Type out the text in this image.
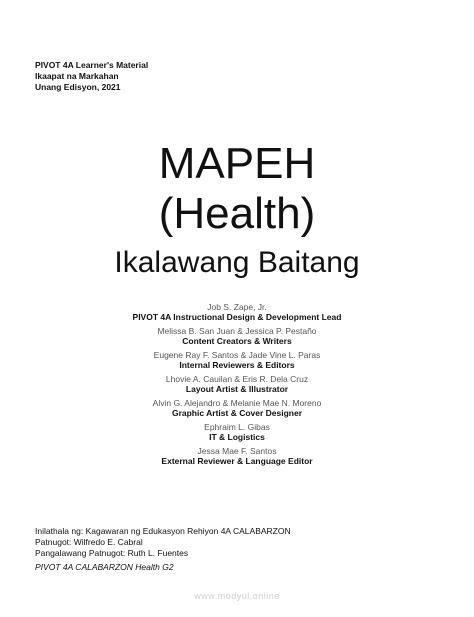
PIVOT 4A Learner's Material
Ikaapat na Markahan
Unang Edisyon, 2021
MAPEH
(Health)
Ikalawang Baitang
Job S. Zape, Jr.
PIVOT 4A Instructional Design & Development Lead
Melissa B. San Juan & Jessica P. Pestaño
Content Creators & Writers
Eugene Ray F. Santos & Jade Vine L. Paras
Internal Reviewers & Editors
Lhovie A. Cauilan & Eris R. Dela Cruz
Layout Artist & Illustrator
Alvin G. Alejandro & Melanie Mae N. Moreno
Graphic Artist & Cover Designer
Ephraim L. Gibas
IT & Logistics
Jessa Mae F. Santos
External Reviewer & Language Editor
Inilathala ng: Kagawaran ng Edukasyon Rehiyon 4A CALABARZON
Patnugot: Wilfredo E. Cabral
Pangalawang Patnugot: Ruth L. Fuentes
PIVOT 4A CALABARZON Health G2
www.modyul.online
